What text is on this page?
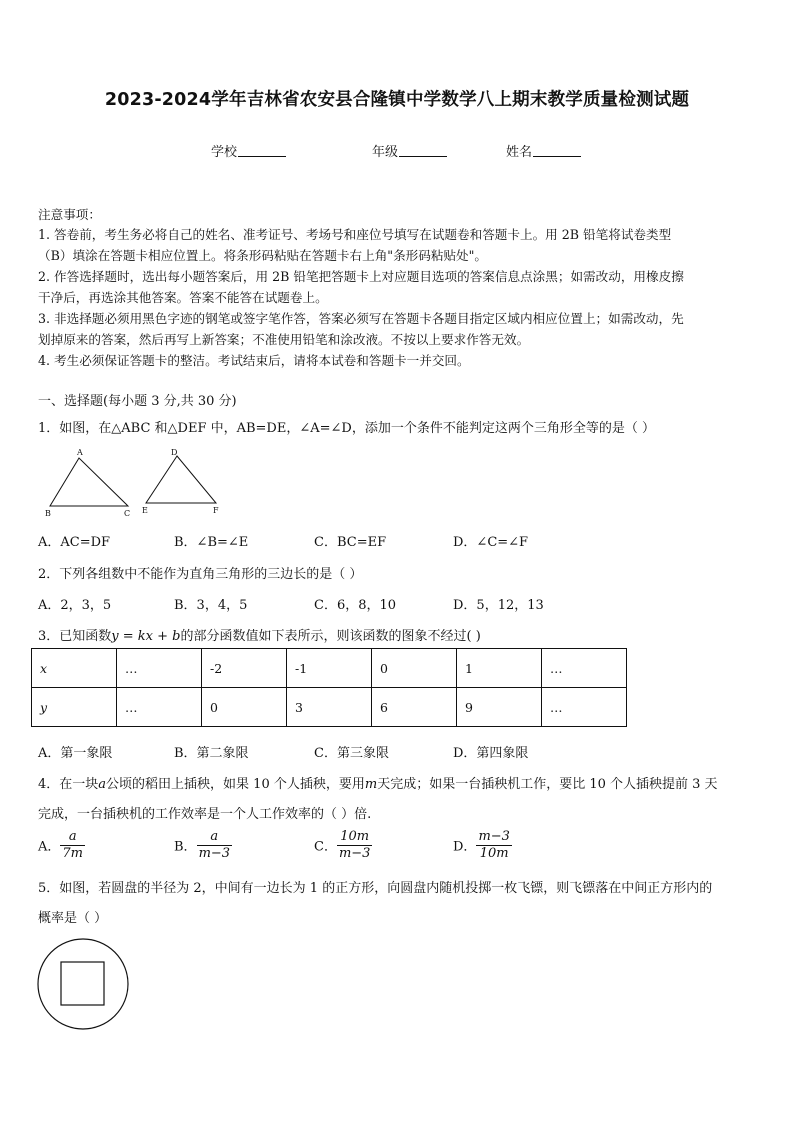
2023-2024学年吉林省农安县合隆镇中学数学八上期末教学质量检测试题
学校	年级	姓名
注意事项：
1. 答卷前，考生务必将自己的姓名、准考证号、考场号和座位号填写在试题卷和答题卡上。用 2B 铅笔将试卷类型
（B）填涂在答题卡相应位置上。将条形码粘贴在答题卡右上角"条形码粘贴处"。
2. 作答选择题时，选出每小题答案后，用 2B 铅笔把答题卡上对应题目选项的答案信息点涂黑；如需改动，用橡皮擦
干净后，再选涂其他答案。答案不能答在试题卷上。
3. 非选择题必须用黑色字迹的钢笔或签字笔作答，答案必须写在答题卡各题目指定区域内相应位置上；如需改动，先
划掉原来的答案，然后再写上新答案；不准使用铅笔和涂改液。不按以上要求作答无效。
4. 考生必须保证答题卡的整洁。考试结束后，请将本试卷和答题卡一并交回。
一、选择题(每小题 3 分,共 30 分)
1．如图，在△ABC 和△DEF 中，AB=DE，∠A=∠D，添加一个条件不能判定这两个三角形全等的是（ ）
A
B	C
D
E	F
A．AC=DF	B．∠B=∠E	C．BC=EF	D．∠C=∠F
2．下列各组数中不能作为直角三角形的三边长的是（ ）
A．2，3，5	B．3，4，5	C．6，8，10	D．5，12，13
3．已知函数y = kx + b的部分函数值如下表所示，则该函数的图象不经过( )
x	…	-2	-1	0	1	…
y	…	0	3	6	9	…
A．第一象限	B．第二象限	C．第三象限	D．第四象限
4．在一块a公顷的稻田上插秧，如果 10 个人插秧，要用m天完成；如果一台插秧机工作，要比 10 个人插秧提前 3 天
完成，一台插秧机的工作效率是一个人工作效率的（ ）倍.
A． $\frac{a}{7m}$	B． $\frac{a}{m-3}$	C． $\frac{10m}{m-3}$	D． $\frac{m-3}{10m}$
5．如图，若圆盘的半径为 2，中间有一边长为 1 的正方形，向圆盘内随机投掷一枚飞镖，则飞镖落在中间正方形内的
概率是（ ）
